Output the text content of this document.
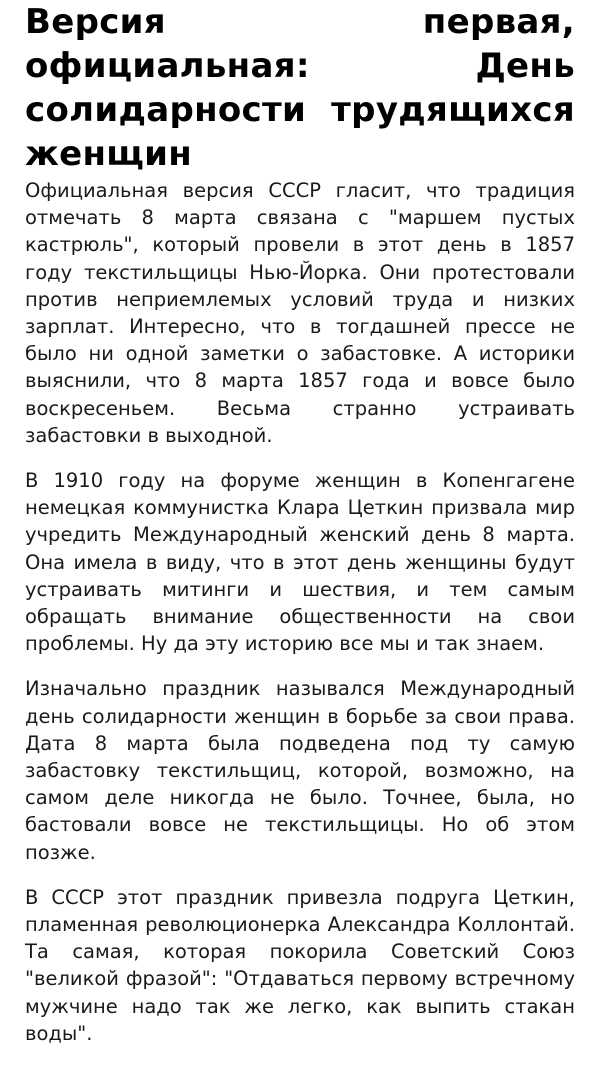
Версия первая, официальная: День солидарности трудящихся женщин

Официальная версия СССР гласит, что традиция отмечать 8 марта связана с "маршем пустых кастрюль", который провели в этот день в 1857 году текстильщицы Нью-Йорка. Они протестовали против неприемлемых условий труда и низких зарплат. Интересно, что в тогдашней прессе не было ни одной заметки о забастовке. А историки выяснили, что 8 марта 1857 года и вовсе было воскресеньем. Весьма странно устраивать забастовки в выходной.

В 1910 году на форуме женщин в Копенгагене немецкая коммунистка Клара Цеткин призвала мир учредить Международный женский день 8 марта. Она имела в виду, что в этот день женщины будут устраивать митинги и шествия, и тем самым обращать внимание общественности на свои проблемы. Ну да эту историю все мы и так знаем.

Изначально праздник назывался Международный день солидарности женщин в борьбе за свои права. Дата 8 марта была подведена под ту самую забастовку текстильщиц, которой, возможно, на самом деле никогда не было. Точнее, была, но бастовали вовсе не текстильщицы. Но об этом позже.

В СССР этот праздник привезла подруга Цеткин, пламенная революционерка Александра Коллонтай. Та самая, которая покорила Советский Союз "великой фразой": "Отдаваться первому встречному мужчине надо так же легко, как выпить стакан воды".
